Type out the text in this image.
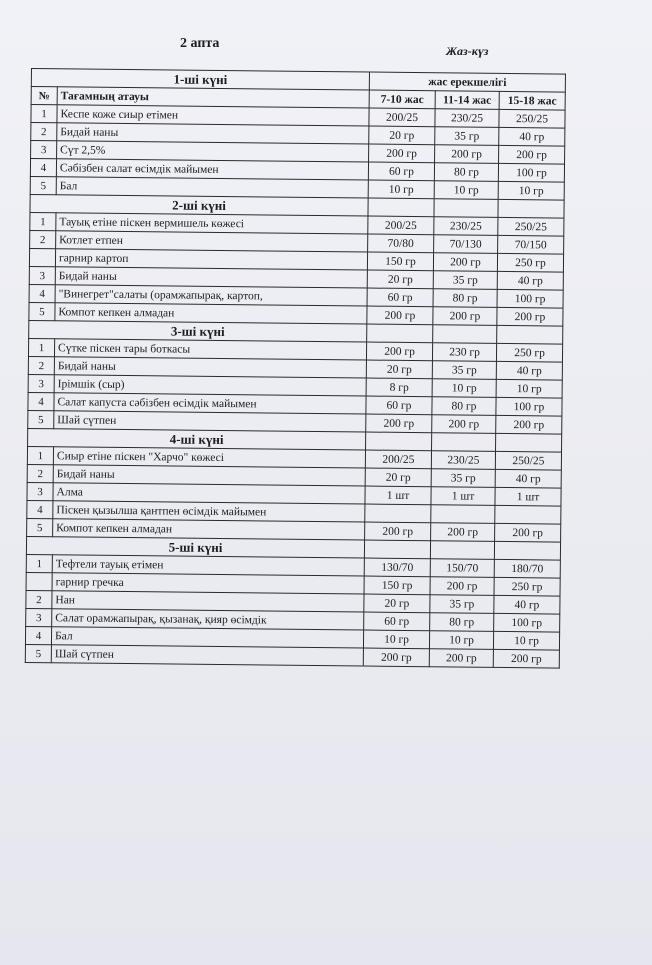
2 апта	Жаз-күз
1-ші күні		жас ерекшелігі		
№	Тағамның атауы	7-10 жас	11-14 жас	15-18 жас
1	Кеспе коже сиыр етімен	200/25	230/25	250/25
2	Бидай наны	20 гр	35 гр	40 гр
3	Сүт 2,5%	200 гр	200 гр	200 гр
4	Сәбізбен салат өсімдік майымен	60 гр	80 гр	100 гр
5	Бал	10 гр	10 гр	10 гр
2-ші күні				
1	Тауық етіне піскен вермишель көжесі	200/25	230/25	250/25
2	Котлет етпен	70/80	70/130	70/150
	гарнир картоп	150 гр	200 гр	250 гр
3	Бидай наны	20 гр	35 гр	40 гр
4	"Винегрет"салаты (орамжапырақ, картоп,	60 гр	80 гр	100 гр
5	Компот кепкен алмадан	200 гр	200 гр	200 гр
3-ші күні				
1	Сүтке піскен тары боткасы	200 гр	230 гр	250 гр
2	Бидай наны	20 гр	35 гр	40 гр
3	Ірімшік (сыр)	8 гр	10 гр	10 гр
4	Салат капуста сәбізбен өсімдік майымен	60 гр	80 гр	100 гр
5	Шай сүтпен	200 гр	200 гр	200 гр
4-ші күні				
1	Сиыр етіне піскен "Харчо" көжесі	200/25	230/25	250/25
2	Бидай наны	20 гр	35 гр	40 гр
3	Алма	1 шт	1 шт	1 шт
4	Піскен қызылша қантпен өсімдік майымен			
5	Компот кепкен алмадан	200 гр	200 гр	200 гр
5-ші күні				
1	Тефтели тауық етімен	130/70	150/70	180/70
	гарнир гречка	150 гр	200 гр	250 гр
2	Нан	20 гр	35 гр	40 гр
3	Салат орамжапырақ, қызанақ, қияр өсімдік	60 гр	80 гр	100 гр
4	Бал	10 гр	10 гр	10 гр
5	Шай сүтпен	200 гр	200 гр	200 гр
